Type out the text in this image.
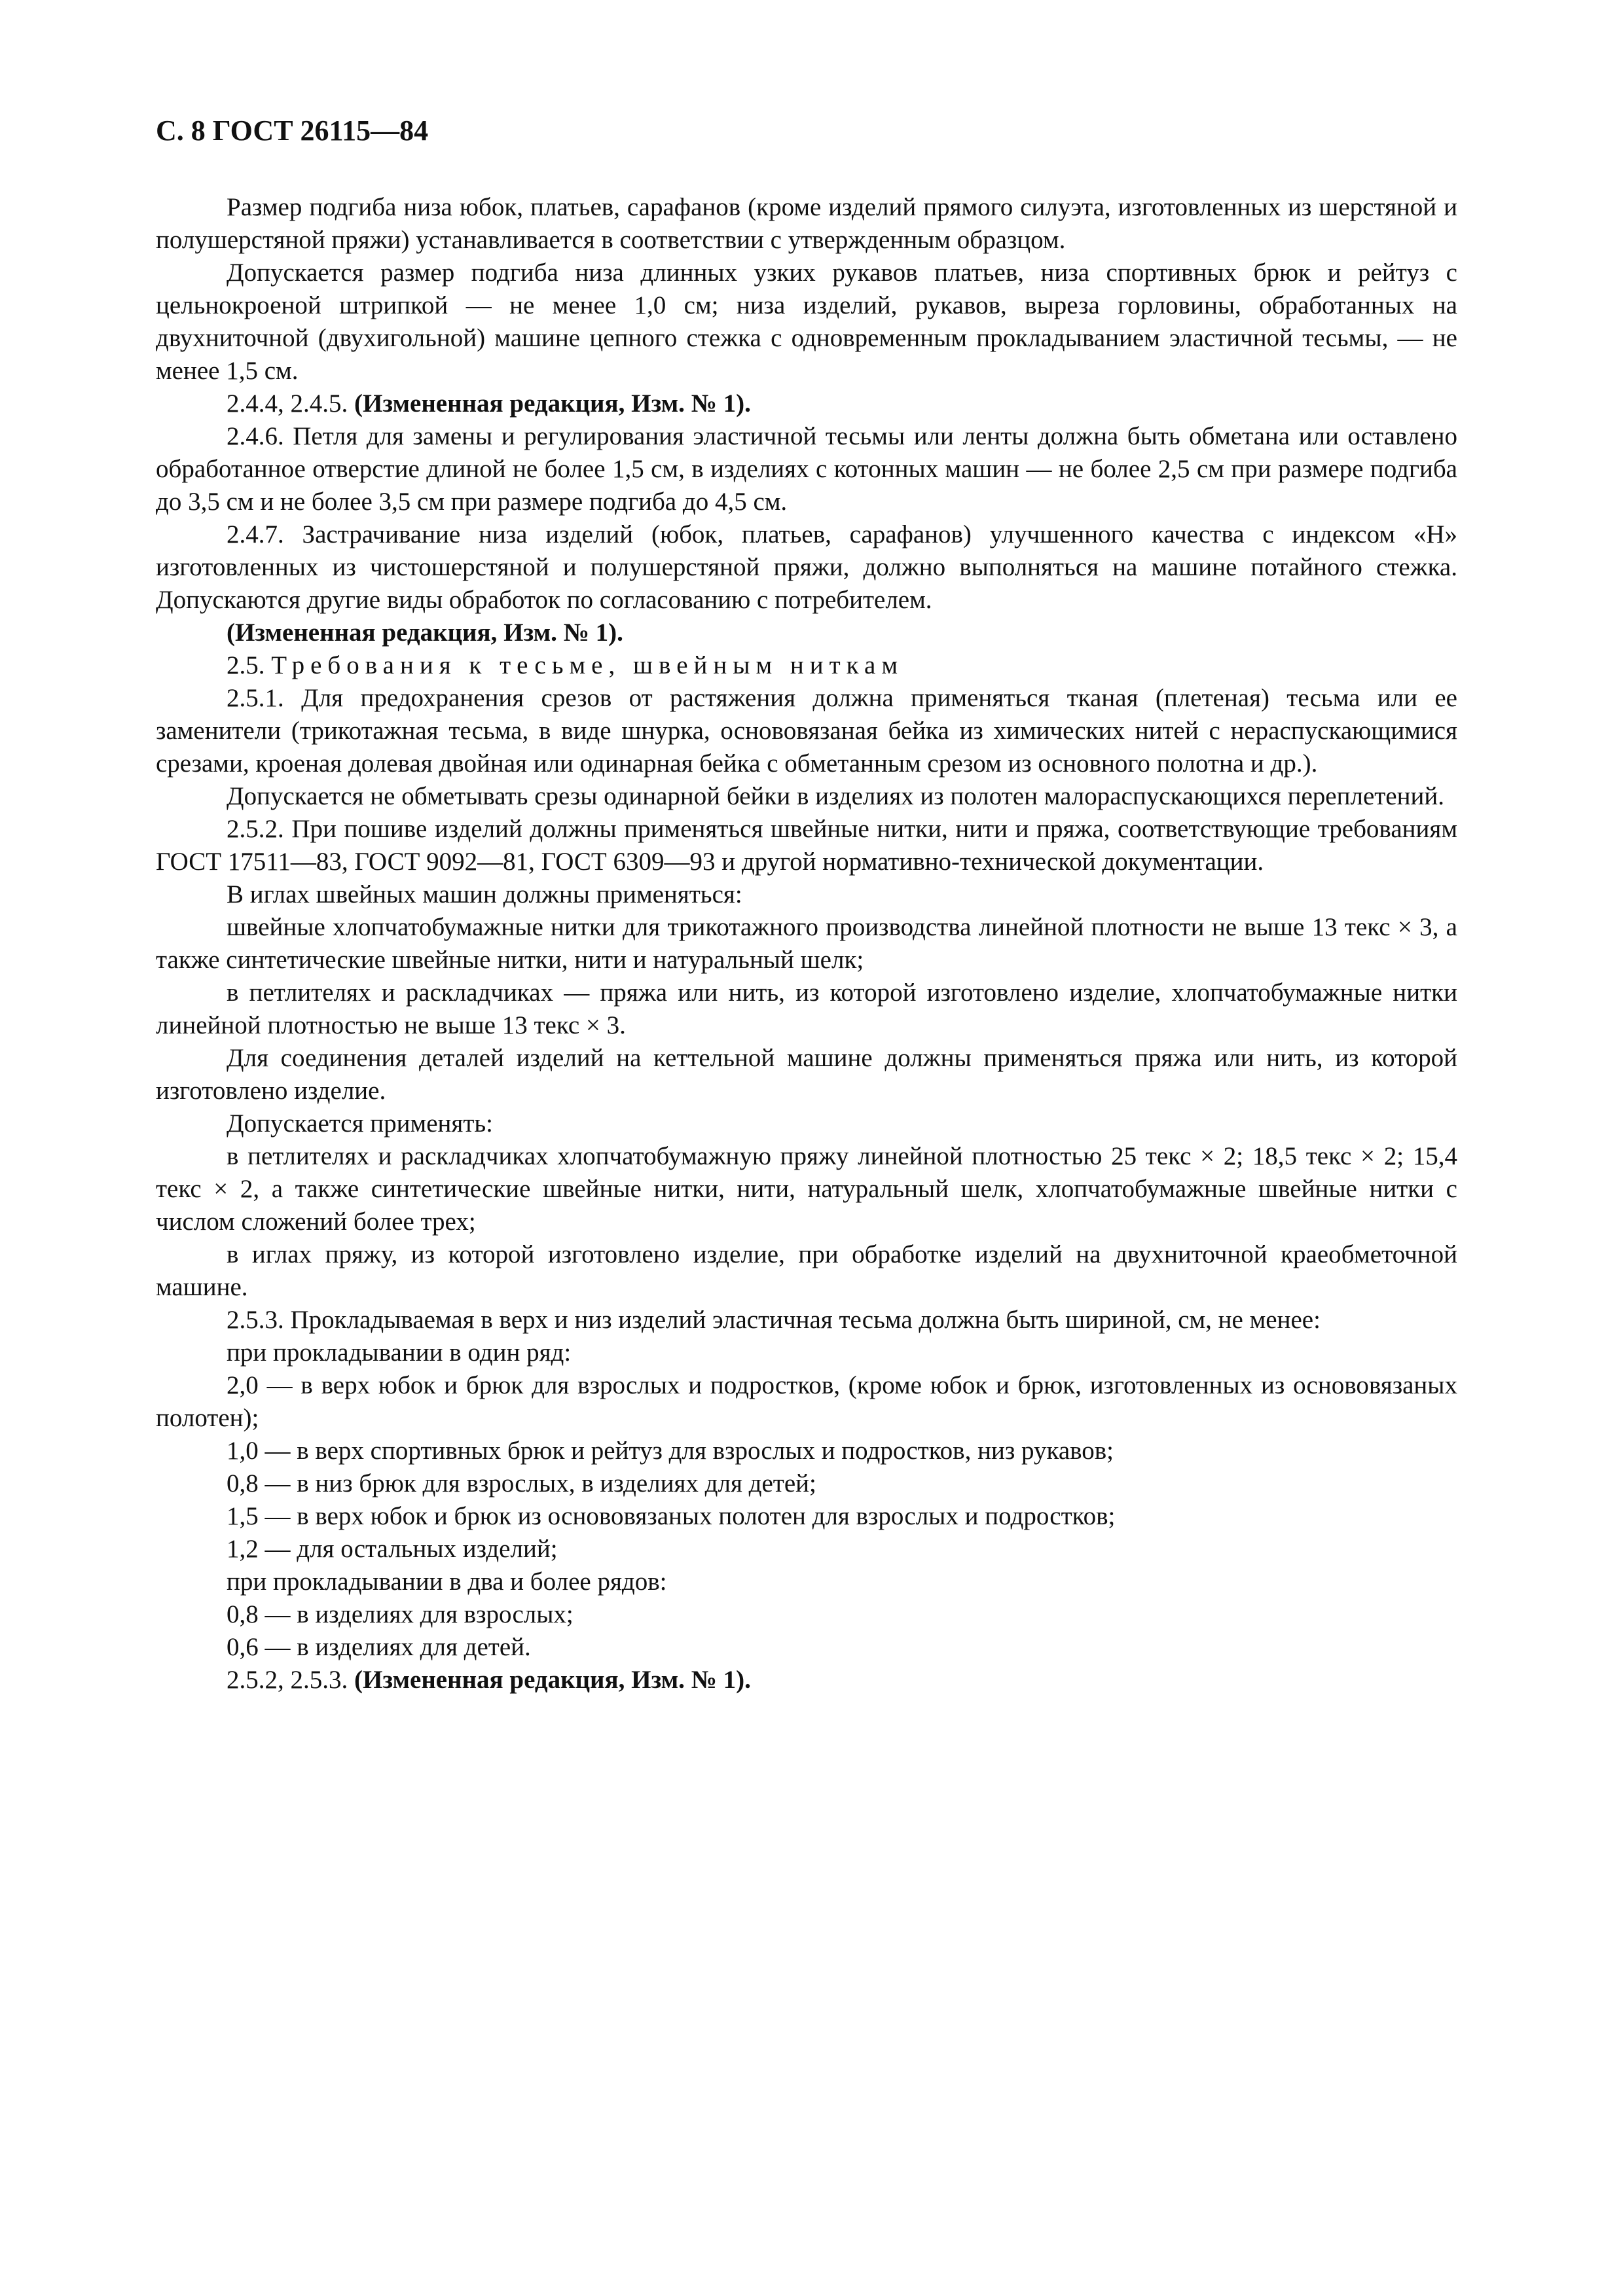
С. 8 ГОСТ 26115—84

Размер подгиба низа юбок, платьев, сарафанов (кроме изделий прямого силуэта, изготовленных из шерстяной и полушерстяной пряжи) устанавливается в соответствии с утвержденным образцом.

Допускается размер подгиба низа длинных узких рукавов платьев, низа спортивных брюк и рейтуз с цельнокроеной штрипкой — не менее 1,0 см; низа изделий, рукавов, выреза горловины, обработанных на двухниточной (двухигольной) машине цепного стежка с одновременным прокладыванием эластичной тесьмы, — не менее 1,5 см.

2.4.4, 2.4.5. (Измененная редакция, Изм. № 1).

2.4.6. Петля для замены и регулирования эластичной тесьмы или ленты должна быть обметана или оставлено обработанное отверстие длиной не более 1,5 см, в изделиях с котонных машин — не более 2,5 см при размере подгиба до 3,5 см и не более 3,5 см при размере подгиба до 4,5 см.

2.4.7. Застрачивание низа изделий (юбок, платьев, сарафанов) улучшенного качества с индексом «Н» изготовленных из чистошерстяной и полушерстяной пряжи, должно выполняться на машине потайного стежка. Допускаются другие виды обработок по согласованию с потребителем.

(Измененная редакция, Изм. № 1).

2.5. Требования к тесьме, швейным ниткам

2.5.1. Для предохранения срезов от растяжения должна применяться тканая (плетеная) тесьма или ее заменители (трикотажная тесьма, в виде шнурка, основовязаная бейка из химических нитей с нераспускающимися срезами, кроеная долевая двойная или одинарная бейка с обметанным срезом из основного полотна и др.).

Допускается не обметывать срезы одинарной бейки в изделиях из полотен малораспускающихся переплетений.

2.5.2. При пошиве изделий должны применяться швейные нитки, нити и пряжа, соответствующие требованиям ГОСТ 17511—83, ГОСТ 9092—81, ГОСТ 6309—93 и другой нормативно-технической документации.

В иглах швейных машин должны применяться:

швейные хлопчатобумажные нитки для трикотажного производства линейной плотности не выше 13 текс × 3, а также синтетические швейные нитки, нити и натуральный шелк;

в петлителях и раскладчиках — пряжа или нить, из которой изготовлено изделие, хлопчатобумажные нитки линейной плотностью не выше 13 текс × 3.

Для соединения деталей изделий на кеттельной машине должны применяться пряжа или нить, из которой изготовлено изделие.

Допускается применять:

в петлителях и раскладчиках хлопчатобумажную пряжу линейной плотностью 25 текс × 2; 18,5 текс × 2; 15,4 текс × 2, а также синтетические швейные нитки, нити, натуральный шелк, хлопчатобумажные швейные нитки с числом сложений более трех;

в иглах пряжу, из которой изготовлено изделие, при обработке изделий на двухниточной краеобметочной машине.

2.5.3. Прокладываемая в верх и низ изделий эластичная тесьма должна быть шириной, см, не менее:

при прокладывании в один ряд:

2,0 — в верх юбок и брюк для взрослых и подростков, (кроме юбок и брюк, изготовленных из основовязаных полотен);

1,0 — в верх спортивных брюк и рейтуз для взрослых и подростков, низ рукавов;

0,8 — в низ брюк для взрослых, в изделиях для детей;

1,5 — в верх юбок и брюк из основовязаных полотен для взрослых и подростков;

1,2 — для остальных изделий;

при прокладывании в два и более рядов:

0,8 — в изделиях для взрослых;

0,6 — в изделиях для детей.

2.5.2, 2.5.3. (Измененная редакция, Изм. № 1).
